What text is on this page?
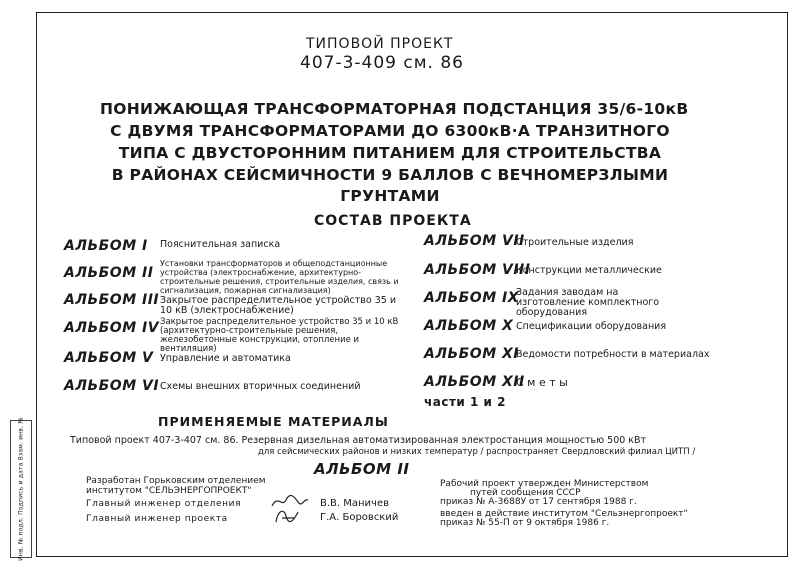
Инв. № подл. Подпись и дата Взам. инв. №
ТИПОВОЙ ПРОЕКТ
407-3-409 см. 86
ПОНИЖАЮЩАЯ ТРАНСФОРМАТОРНАЯ ПОДСТАНЦИЯ 35/6-10кВ
С ДВУМЯ ТРАНСФОРМАТОРАМИ ДО 6300кВ·А ТРАНЗИТНОГО
ТИПА С ДВУСТОРОННИМ ПИТАНИЕМ ДЛЯ СТРОИТЕЛЬСТВА
В РАЙОНАХ СЕЙСМИЧНОСТИ 9 БАЛЛОВ С ВЕЧНОМЕРЗЛЫМИ
ГРУНТАМИ
СОСТАВ ПРОЕКТА
АЛЬБОМ I Пояснительная записка
АЛЬБОМ II
Установки трансформаторов и общеподстанционные устройства (электроснабжение, архитектурно-строительные решения, строительные изделия, связь и сигнализация, пожарная сигнализация)
АЛЬБОМ III Закрытое распределительное устройство 35 и 10 кВ (электроснабжение)
АЛЬБОМ IV Закрытое распределительное устройство 35 и 10 кВ (архитектурно-строительные решения, железобетонные конструкции, отопление и вентиляция)
АЛЬБОМ V Управление и автоматика
АЛЬБОМ VI Схемы внешних вторичных соединений
АЛЬБОМ VII
Строительные изделия
АЛЬБОМ VIII
Конструкции металлические
АЛЬБОМ IX
Задания заводам на изготовление комплектного оборудования
АЛЬБОМ X Спецификации оборудования
АЛЬБОМ XI
Ведомости потребности в материалах
АЛЬБОМ XII
С м е т ы
части 1 и 2
ПРИМЕНЯЕМЫЕ МАТЕРИАЛЫ
Типовой проект 407-3-407 см. 86. Резервная дизельная автоматизированная электростанция мощностью 500 кВт
для сейсмических районов и низких температур / распространяет Свердловский филиал ЦИТП /
АЛЬБОМ II
Разработан Горьковским отделением
институтом "СЕЛЬЭНЕРГОПРОЕКТ"
Главный инженер отделения	В.В. Маничев
Главный инженер проекта	Г.А. Боровский
Рабочий проект утвержден Министерством
путей сообщения СССР
приказ № А-3688У от 17 сентября 1988 г.
введен в действие институтом "Сельэнергопроект"
приказ № 55-П от 9 октября 1986 г.
